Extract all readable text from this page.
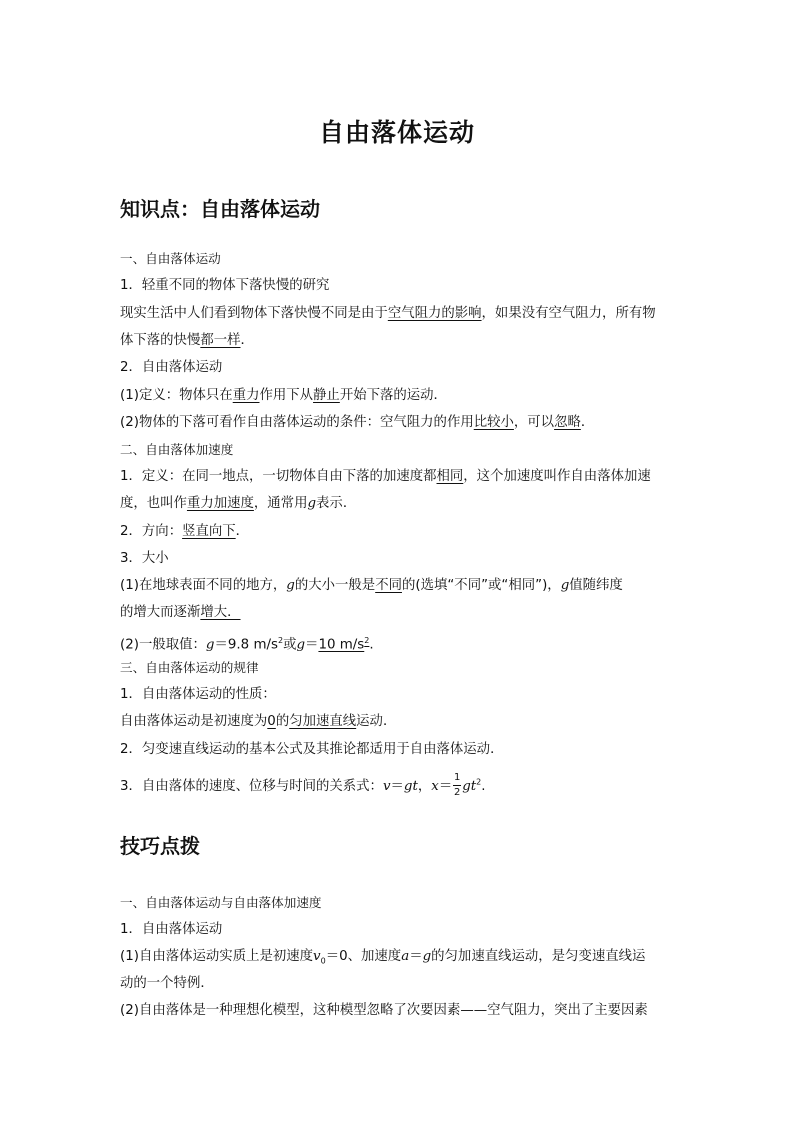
自由落体运动
知识点：自由落体运动
一、自由落体运动
1．轻重不同的物体下落快慢的研究
现实生活中人们看到物体下落快慢不同是由于空气阻力的影响，如果没有空气阻力，所有物
体下落的快慢都一样．
2．自由落体运动
(1)定义：物体只在重力作用下从静止开始下落的运动．
(2)物体的下落可看作自由落体运动的条件：空气阻力的作用比较小，可以忽略．
二、自由落体加速度
1．定义：在同一地点，一切物体自由下落的加速度都相同，这个加速度叫作自由落体加速
度，也叫作重力加速度，通常用g表示．
2．方向：竖直向下．
3．大小
(1)在地球表面不同的地方，g的大小一般是不同的(选填“不同”或“相同”)，g值随纬度
的增大而逐渐增大．
(2)一般取值：g＝9.8 $m/s^2$或g＝10 $m/s^2$.
三、自由落体运动的规律
1．自由落体运动的性质：
自由落体运动是初速度为0的匀加速直线运动．
2．匀变速直线运动的基本公式及其推论都适用于自由落体运动．
3．自由落体的速度、位移与时间的关系式：v＝gt，$x= \frac{1}{2} gt^2$.
技巧点拨
一、自由落体运动与自由落体加速度
1．自由落体运动
(1)自由落体运动实质上是初速度$v_0=0$、加速度a＝g的匀加速直线运动，是匀变速直线运
动的一个特例．
(2)自由落体是一种理想化模型，这种模型忽略了次要因素——空气阻力，突出了主要因素
